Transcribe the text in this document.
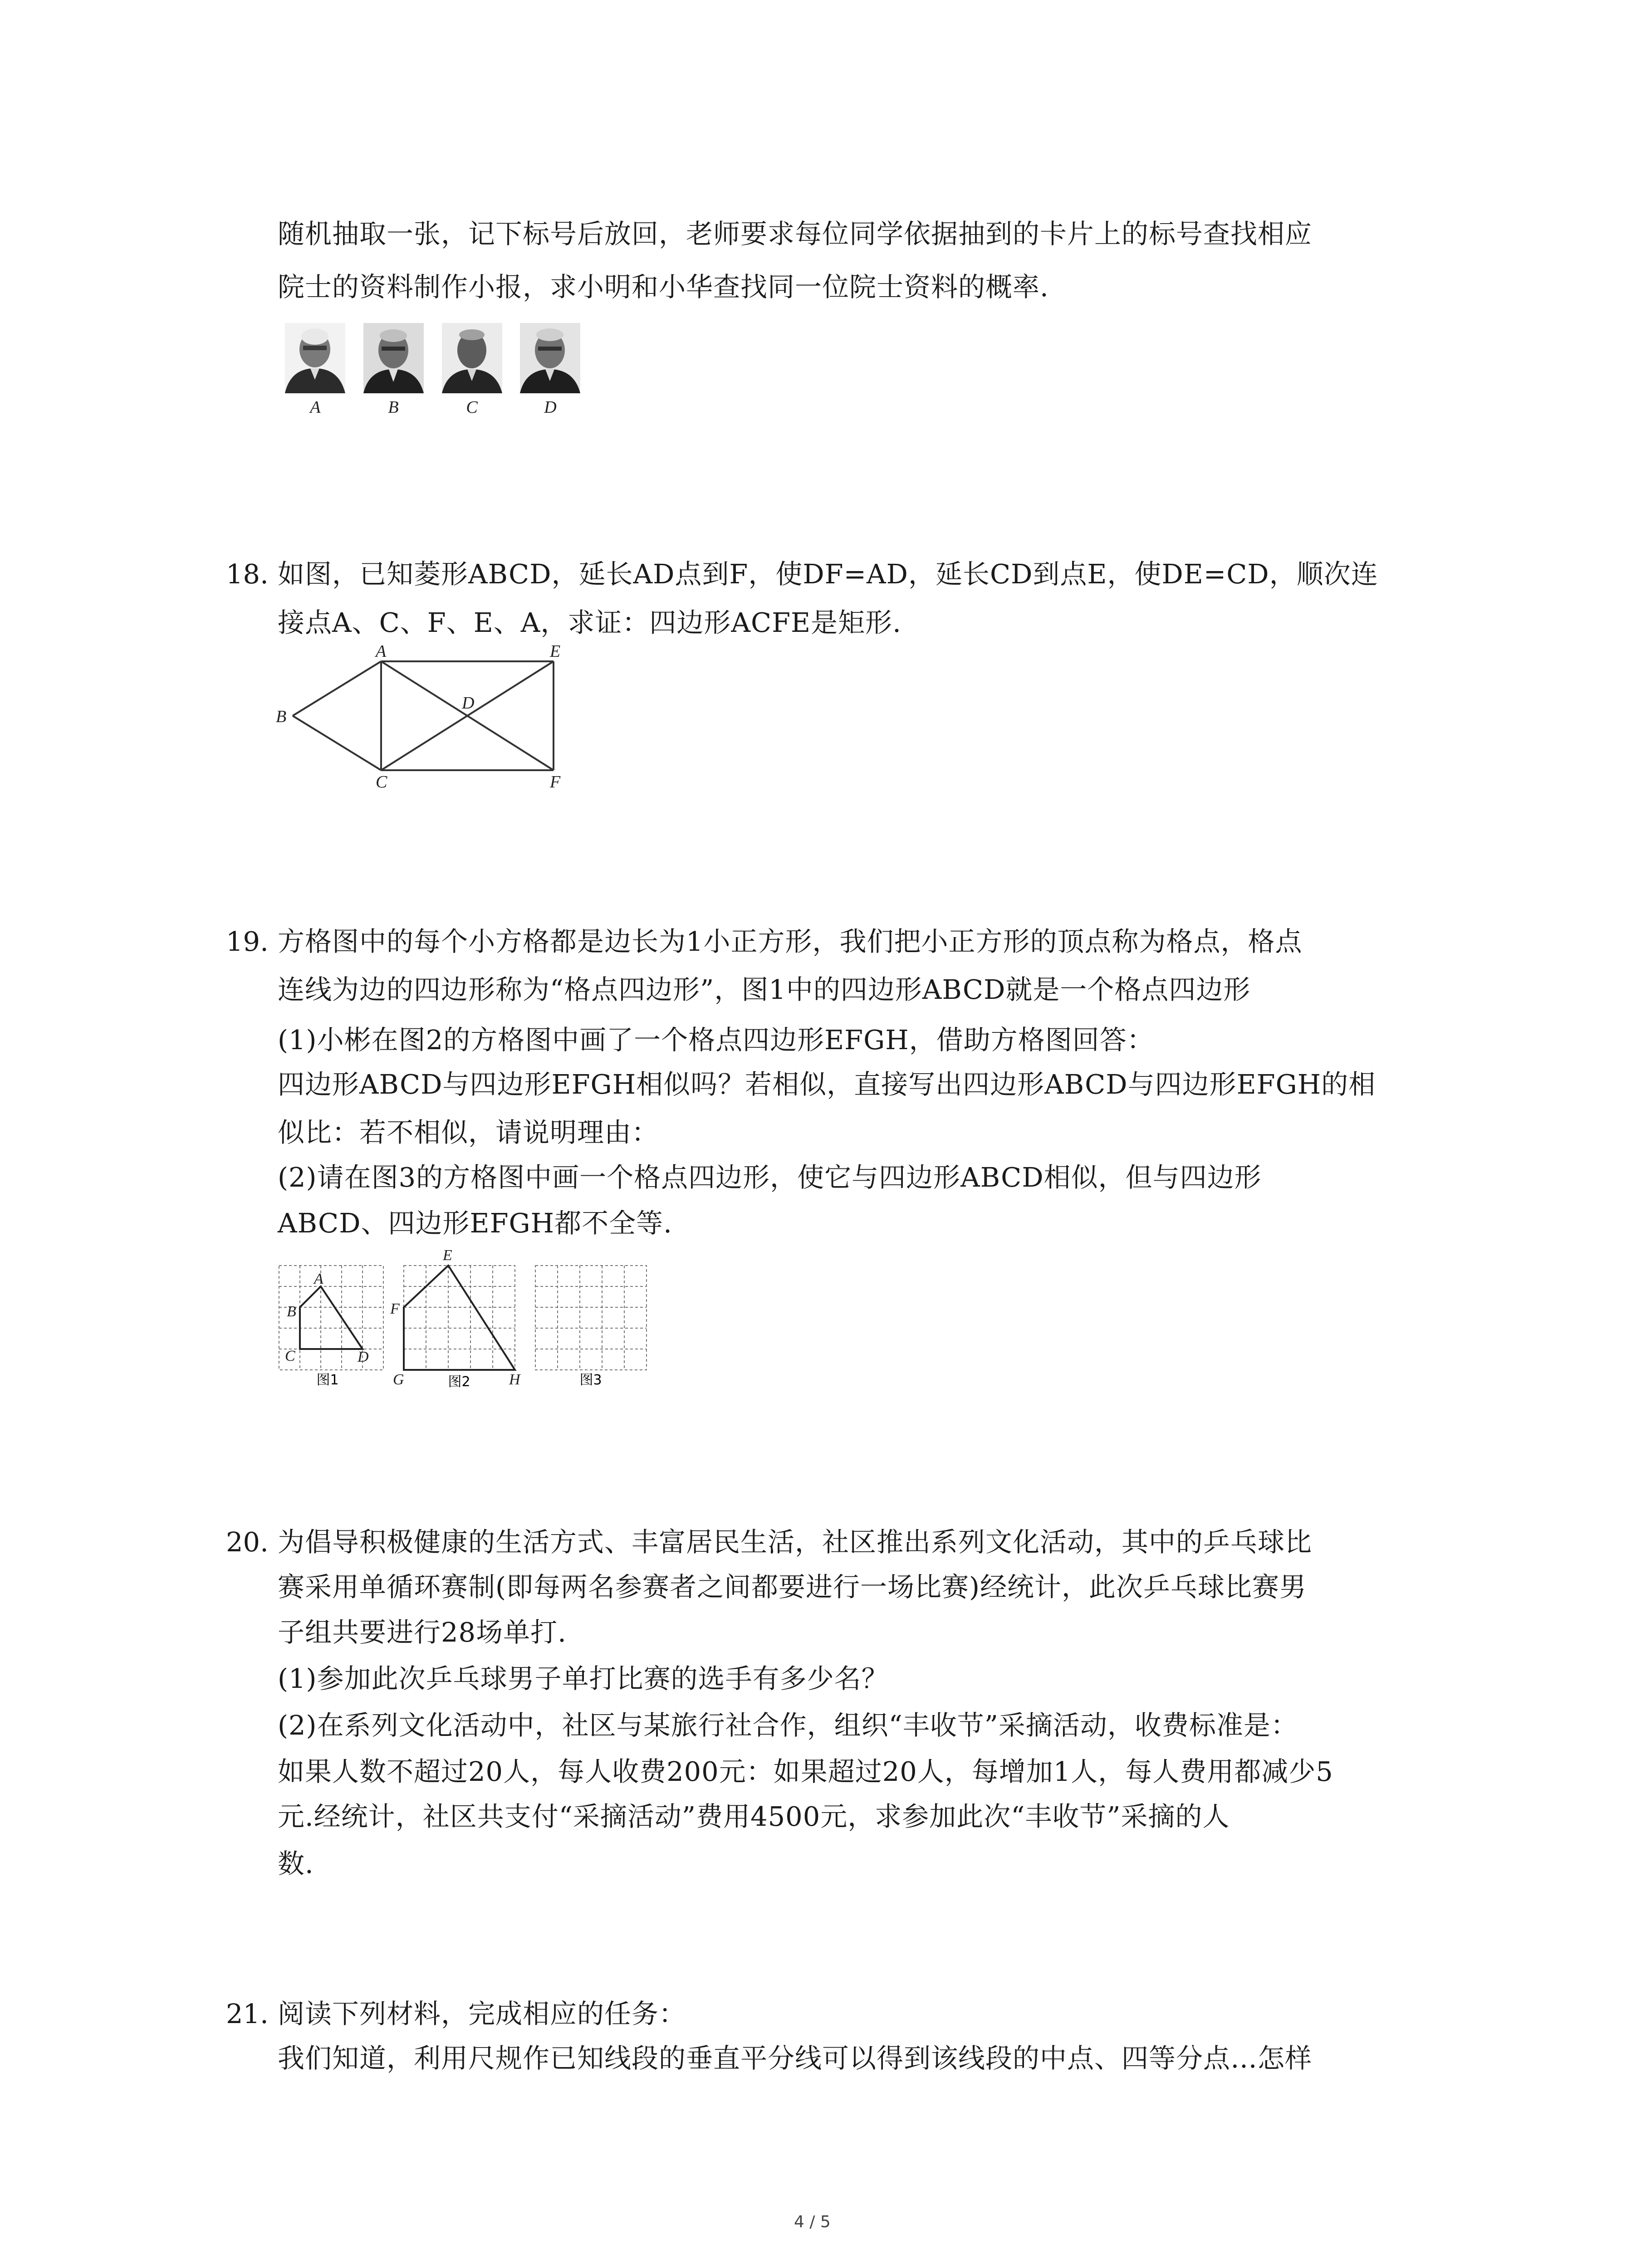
随机抽取一张，记下标号后放回，老师要求每位同学依据抽到的卡片上的标号查找相应
院士的资料制作小报，求小明和小华查找同一位院士资料的概率.
A	B	C	D
18. 如图，已知菱形ABCD，延长AD点到F，使DF=AD，延长CD到点E，使DE=CD，顺次连
接点A、C、F、E、A，求证：四边形ACFE是矩形.
A
B
C
D
E
F
19. 方格图中的每个小方格都是边长为1小正方形，我们把小正方形的顶点称为格点，格点
连线为边的四边形称为“格点四边形”，图1中的四边形ABCD就是一个格点四边形
(1)小彬在图2的方格图中画了一个格点四边形EFGH，借助方格图回答：
四边形ABCD与四边形EFGH相似吗？若相似，直接写出四边形ABCD与四边形EFGH的相
似比：若不相似，请说明理由：
(2)请在图3的方格图中画一个格点四边形，使它与四边形ABCD相似，但与四边形
ABCD、四边形EFGH都不全等.
A
B
C	D
图1
E
F
G	H
图2	图3
20. 为倡导积极健康的生活方式、丰富居民生活，社区推出系列文化活动，其中的乒乓球比
赛采用单循环赛制(即每两名参赛者之间都要进行一场比赛)经统计，此次乒乓球比赛男
子组共要进行28场单打.
(1)参加此次乒乓球男子单打比赛的选手有多少名？
(2)在系列文化活动中，社区与某旅行社合作，组织“丰收节”采摘活动，收费标准是：
如果人数不超过20人，每人收费200元：如果超过20人，每增加1人，每人费用都减少5
元.经统计，社区共支付“采摘活动”费用4500元，求参加此次“丰收节”采摘的人
数.
21. 阅读下列材料，完成相应的任务：
我们知道，利用尺规作已知线段的垂直平分线可以得到该线段的中点、四等分点…怎样
4 / 5
